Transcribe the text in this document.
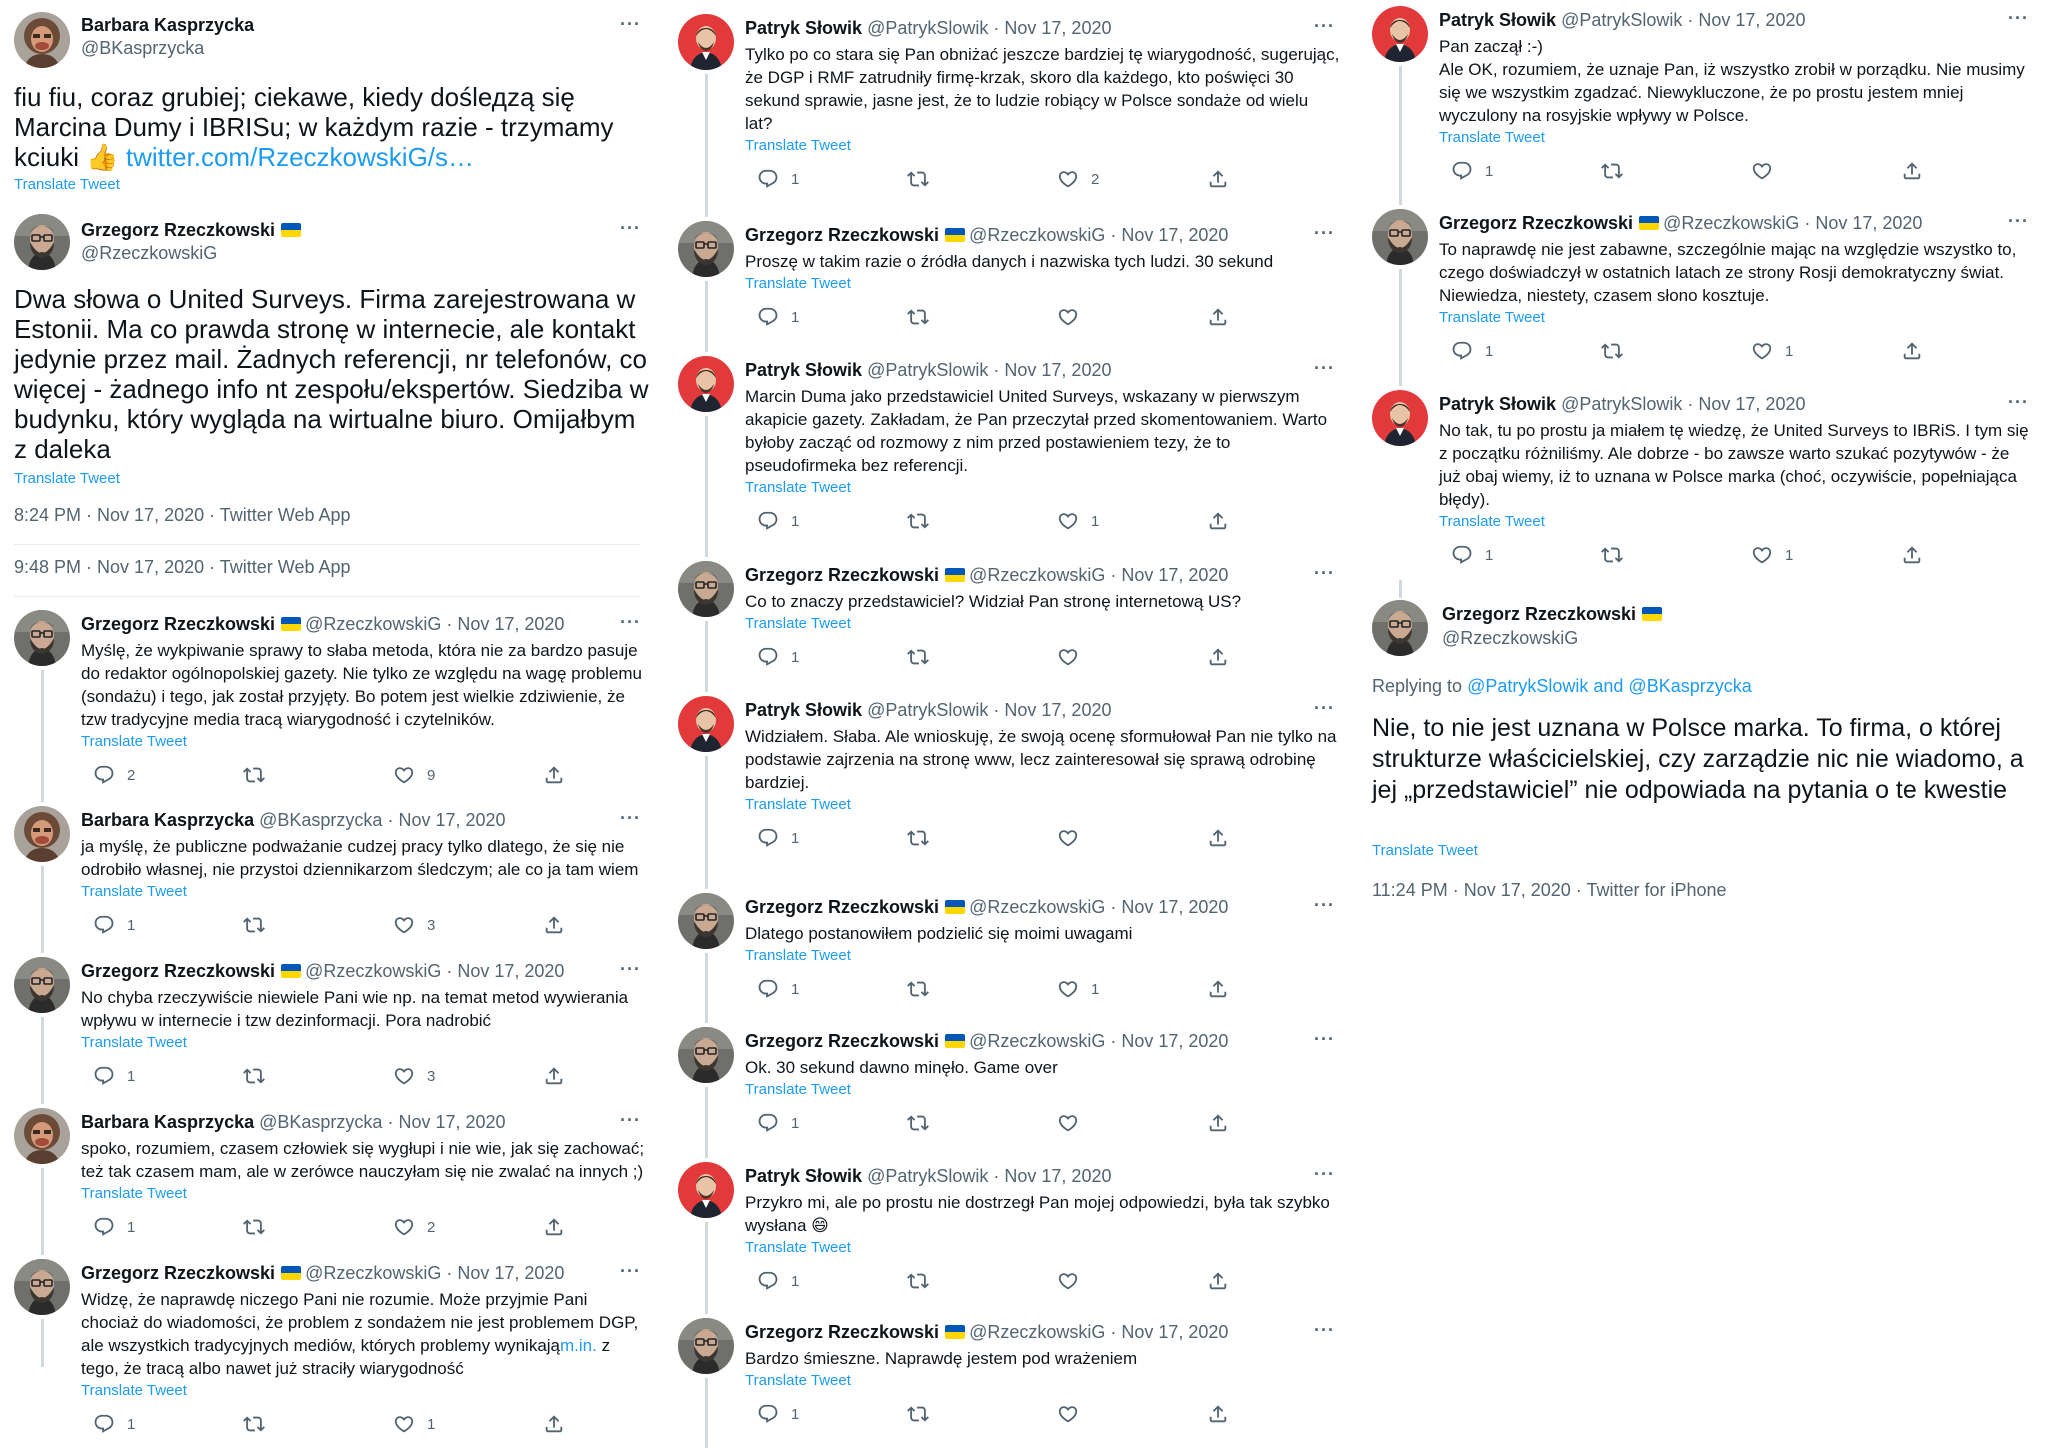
Barbara Kasprzycka
@BKasprzycka
···
fiu fiu, coraz grubiej; ciekawe, kiedy doślедzą się
Marcina Dumy i IBRISu; w każdym razie - trzymamy
kciuki 👍 twitter.com/RzeczkowskiG/s…
Translate Tweet
Grzegorz Rzeczkowski
@RzeczkowskiG
···
Dwa słowa o United Surveys. Firma zarejestrowana w Estonii. Ma co prawda stronę w internecie, ale kontakt jedynie przez mail. Żadnych referencji, nr telefonów, co więcej - żadnego info nt zespołu/ekspertów. Siedziba w budynku, który wygląda na wirtualne biuro. Omijałbym z daleka
Translate Tweet
8:24 PM · Nov 17, 2020 · Twitter Web App
9:48 PM · Nov 17, 2020 · Twitter Web App
Grzegorz Rzeczkowski @RzeczkowskiG · Nov 17, 2020	···
Myślę, że wykpiwanie sprawy to słaba metoda, która nie za bardzo pasuje do redaktor ogólnopolskiej gazety. Nie tylko ze względu na wagę problemu (sondażu) i tego, jak został przyjęty. Bo potem jest wielkie zdziwienie, że tzw tradycyjne media tracą wiarygodność i czytelników.
Translate Tweet
2	9
Barbara Kasprzycka @BKasprzycka · Nov 17, 2020	···
ja myślę, że publiczne podważanie cudzej pracy tylko dlatego, że się nie odrobiło własnej, nie przystoi dziennikarzom śledczym; ale co ja tam wiem
Translate Tweet
1	3
Grzegorz Rzeczkowski @RzeczkowskiG · Nov 17, 2020	···
No chyba rzeczywiście niewiele Pani wie np. na temat metod wywierania wpływu w internecie i tzw dezinformacji. Pora nadrobić
Translate Tweet
1	3
Barbara Kasprzycka @BKasprzycka · Nov 17, 2020	···
spoko, rozumiem, czasem człowiek się wygłupi i nie wie, jak się zachować; też tak czasem mam, ale w zerówce nauczyłam się nie zwalać na innych ;)
Translate Tweet
1	2
Grzegorz Rzeczkowski @RzeczkowskiG · Nov 17, 2020	···
Widzę, że naprawdę niczego Pani nie rozumie. Może przyjmie Pani chociaż do wiadomości, że problem z sondażem nie jest problemem DGP, ale wszystkich tradycyjnych mediów, których problemy wynikająm.in. z tego, że tracą albo nawet już straciły wiarygodność
Translate Tweet
1	1
Patryk Słowik @PatrykSlowik · Nov 17, 2020	···
Tylko po co stara się Pan obniżać jeszcze bardziej tę wiarygodność, sugerując, że DGP i RMF zatrudniły firmę-krzak, skoro dla każdego, kto poświęci 30 sekund sprawie, jasne jest, że to ludzie robiący w Polsce sondaże od wielu lat?
Translate Tweet
1	2
Grzegorz Rzeczkowski @RzeczkowskiG · Nov 17, 2020	···
Proszę w takim razie o źródła danych i nazwiska tych ludzi. 30 sekund
Translate Tweet
1
Patryk Słowik @PatrykSlowik · Nov 17, 2020	···
Marcin Duma jako przedstawiciel United Surveys, wskazany w pierwszym akapicie gazety. Zakładam, że Pan przeczytał przed skomentowaniem. Warto byłoby zacząć od rozmowy z nim przed postawieniem tezy, że to pseudofirmeka bez referencji.
Translate Tweet
1	1
Grzegorz Rzeczkowski @RzeczkowskiG · Nov 17, 2020	···
Co to znaczy przedstawiciel? Widział Pan stronę internetową US?
Translate Tweet
1
Patryk Słowik @PatrykSlowik · Nov 17, 2020	···
Widziałem. Słaba. Ale wnioskuję, że swoją ocenę sformułował Pan nie tylko na podstawie zajrzenia na stronę www, lecz zainteresował się sprawą odrobinę bardziej.
Translate Tweet
1
Grzegorz Rzeczkowski @RzeczkowskiG · Nov 17, 2020	···
Dlatego postanowiłem podzielić się moimi uwagami
Translate Tweet
1	1
Grzegorz Rzeczkowski @RzeczkowskiG · Nov 17, 2020	···
Ok. 30 sekund dawno minęło. Game over
Translate Tweet
1
Patryk Słowik @PatrykSlowik · Nov 17, 2020	···
Przykro mi, ale po prostu nie dostrzegł Pan mojej odpowiedzi, była tak szybko wysłana 😄
Translate Tweet
1
Grzegorz Rzeczkowski @RzeczkowskiG · Nov 17, 2020	···
Bardzo śmieszne. Naprawdę jestem pod wrażeniem
Translate Tweet
1
Patryk Słowik @PatrykSlowik · Nov 17, 2020	···
Pan zaczął :-)
Ale OK, rozumiem, że uznaje Pan, iż wszystko zrobił w porządku. Nie musimy się we wszystkim zgadzać. Niewykluczone, że po prostu jestem mniej wyczulony na rosyjskie wpływy w Polsce.
Translate Tweet
1
Grzegorz Rzeczkowski @RzeczkowskiG · Nov 17, 2020	···
To naprawdę nie jest zabawne, szczególnie mając na względzie wszystko to, czego doświadczył w ostatnich latach ze strony Rosji demokratyczny świat. Niewiedza, niestety, czasem słono kosztuje.
Translate Tweet
1	1
Patryk Słowik @PatrykSlowik · Nov 17, 2020	···
No tak, tu po prostu ja miałem tę wiedzę, że United Surveys to IBRiS. I tym się z początku różniliśmy. Ale dobrze - bo zawsze warto szukać pozytywów - że już obaj wiemy, iż to uznana w Polsce marka (choć, oczywiście, popełniająca błędy).
Translate Tweet
1	1
Grzegorz Rzeczkowski
@RzeczkowskiG
Replying to @PatrykSlowik and @BKasprzycka
Nie, to nie jest uznana w Polsce marka. To firma, o której strukturze właścicielskiej, czy zarządzie nic nie wiadomo, a jej „przedstawiciel” nie odpowiada na pytania o te kwestie
Translate Tweet
11:24 PM · Nov 17, 2020 · Twitter for iPhone
